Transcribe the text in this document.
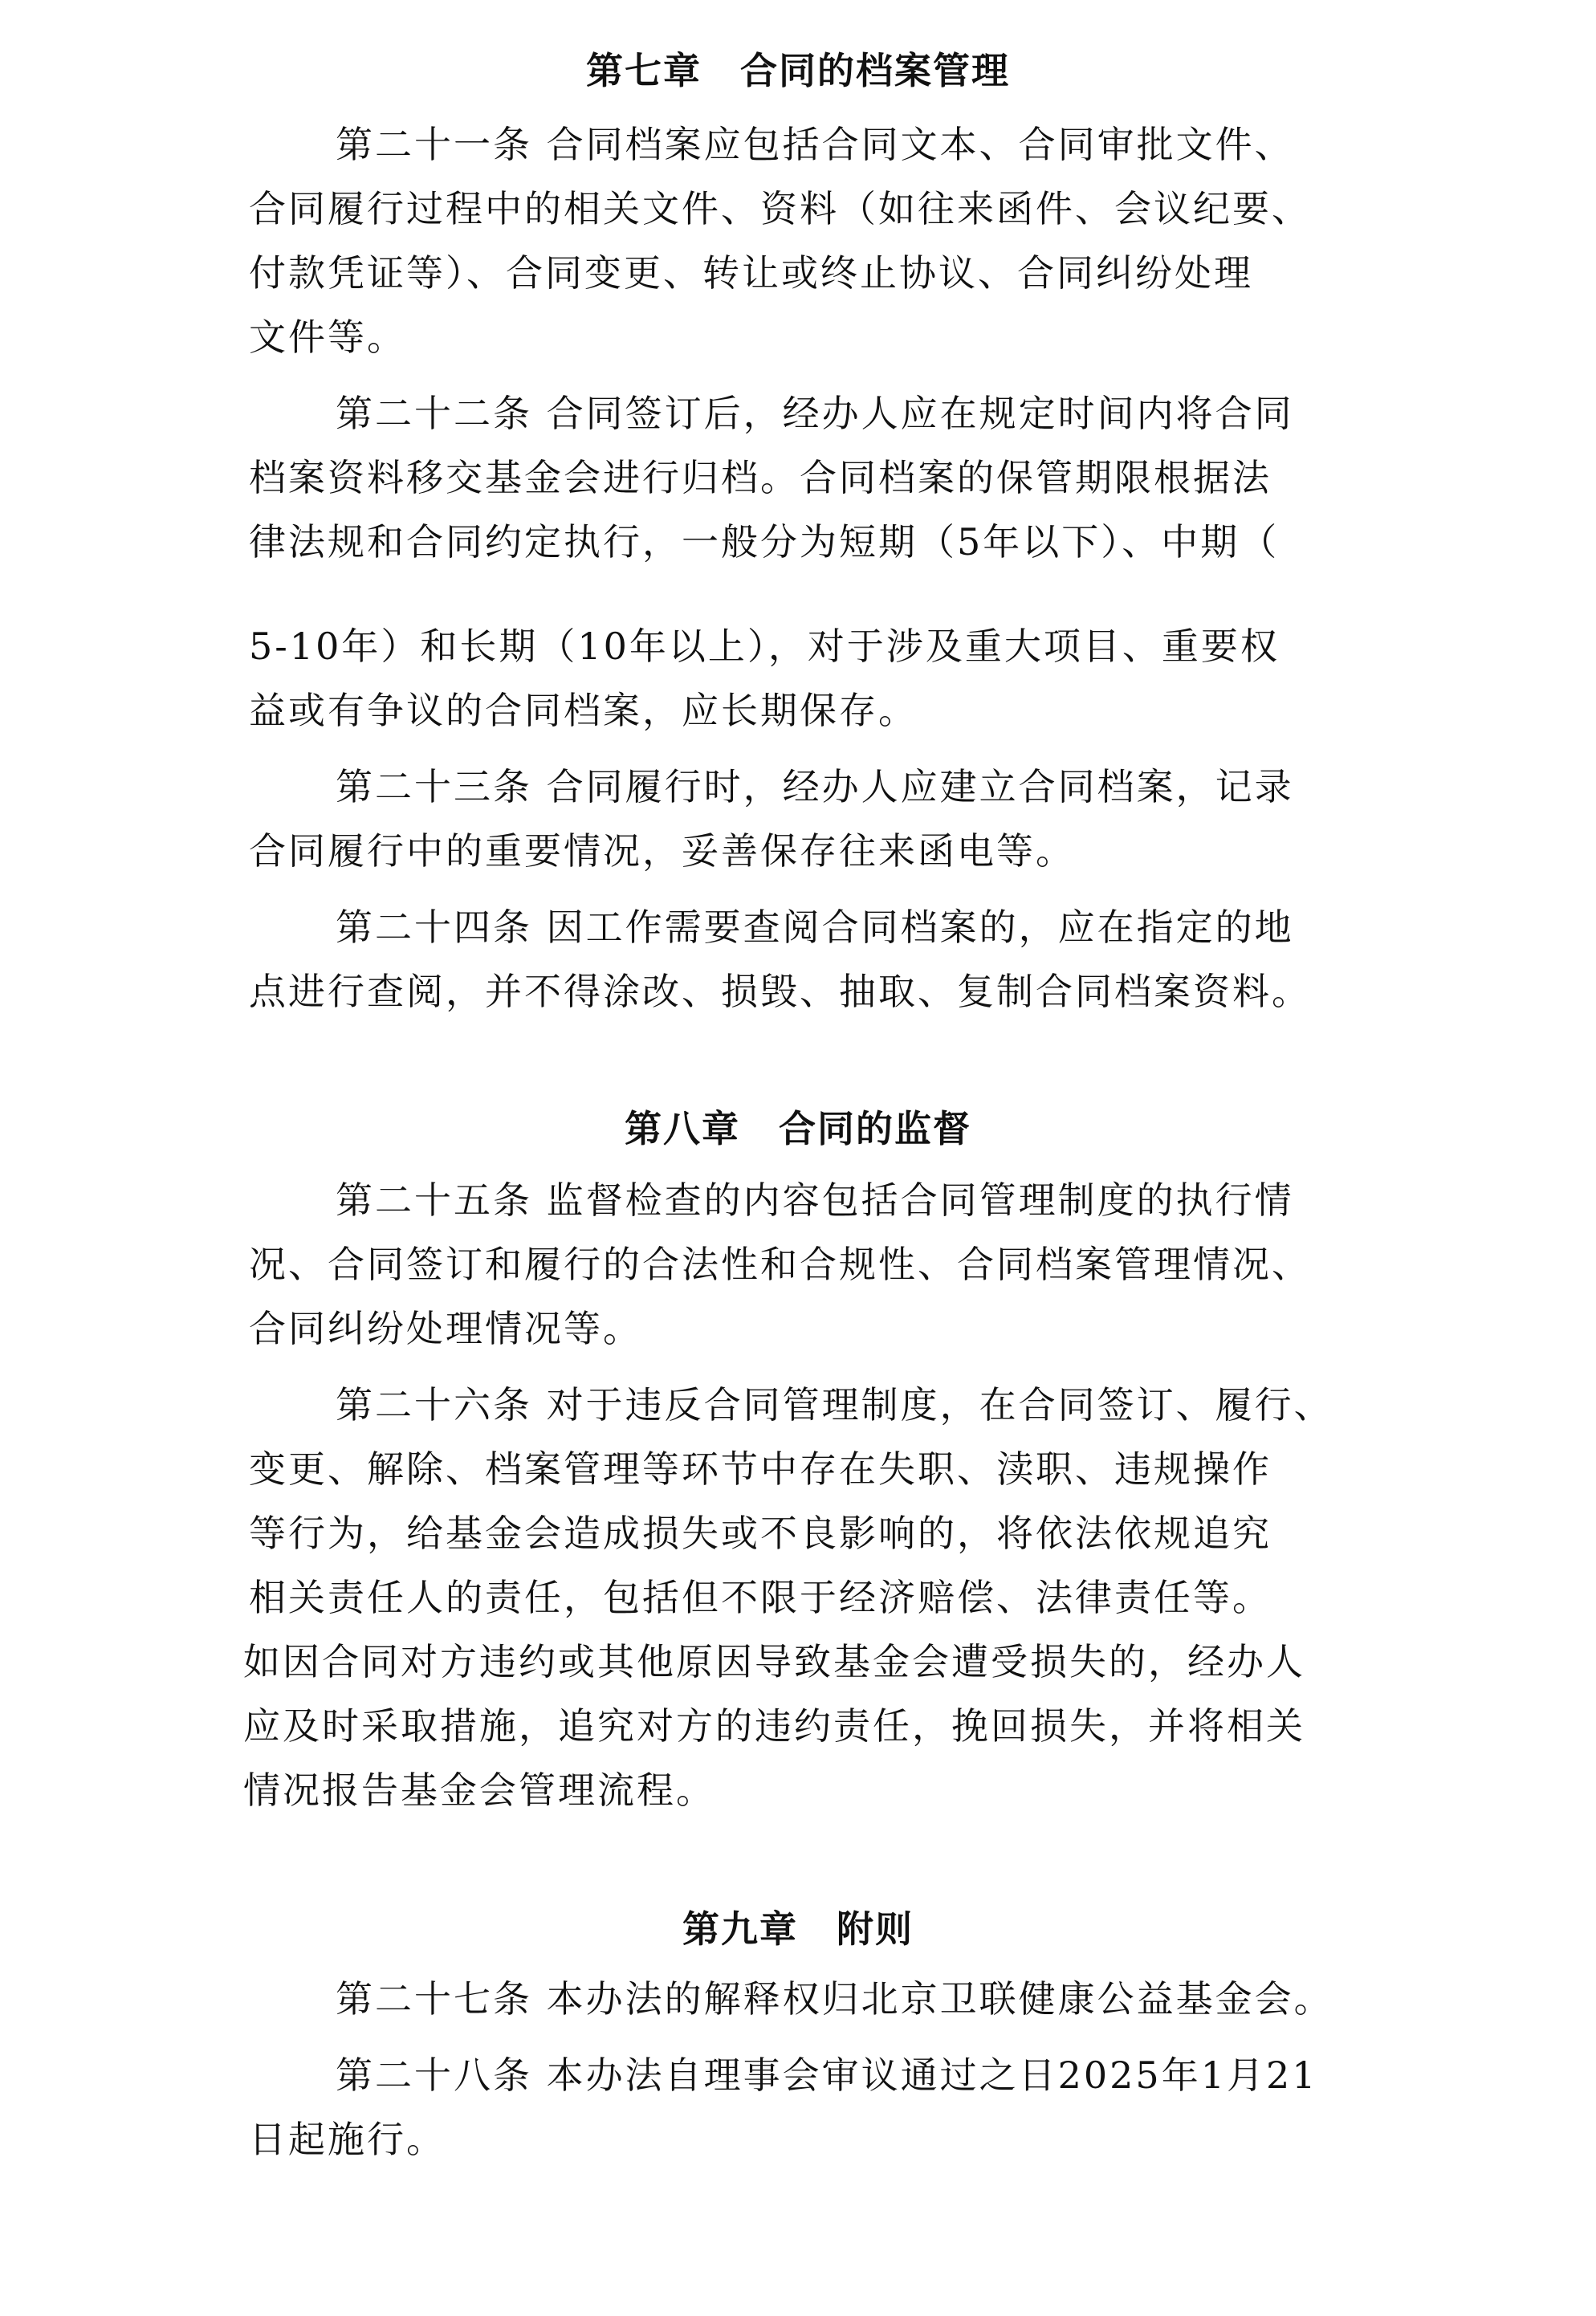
第七章　合同的档案管理
第二十一条 合同档案应包括合同文本、合同审批文件、
合同履行过程中的相关文件、资料（如往来函件、会议纪要、
付款凭证等）、合同变更、转让或终止协议、合同纠纷处理
文件等。
第二十二条 合同签订后，经办人应在规定时间内将合同
档案资料移交基金会进行归档。合同档案的保管期限根据法
律法规和合同约定执行，一般分为短期（5年以下）、中期（
5-10年）和长期（10年以上），对于涉及重大项目、重要权
益或有争议的合同档案，应长期保存。
第二十三条 合同履行时，经办人应建立合同档案，记录
合同履行中的重要情况，妥善保存往来函电等。
第二十四条 因工作需要查阅合同档案的，应在指定的地
点进行查阅，并不得涂改、损毁、抽取、复制合同档案资料。
第八章　合同的监督
第二十五条 监督检查的内容包括合同管理制度的执行情
况、合同签订和履行的合法性和合规性、合同档案管理情况、
合同纠纷处理情况等。
第二十六条 对于违反合同管理制度，在合同签订、履行、
变更、解除、档案管理等环节中存在失职、渎职、违规操作
等行为，给基金会造成损失或不良影响的，将依法依规追究
相关责任人的责任，包括但不限于经济赔偿、法律责任等。
如因合同对方违约或其他原因导致基金会遭受损失的，经办人
应及时采取措施，追究对方的违约责任，挽回损失，并将相关
情况报告基金会管理流程。
第九章　附则
第二十七条 本办法的解释权归北京卫联健康公益基金会。
第二十八条 本办法自理事会审议通过之日2025年1月21
日起施行。
